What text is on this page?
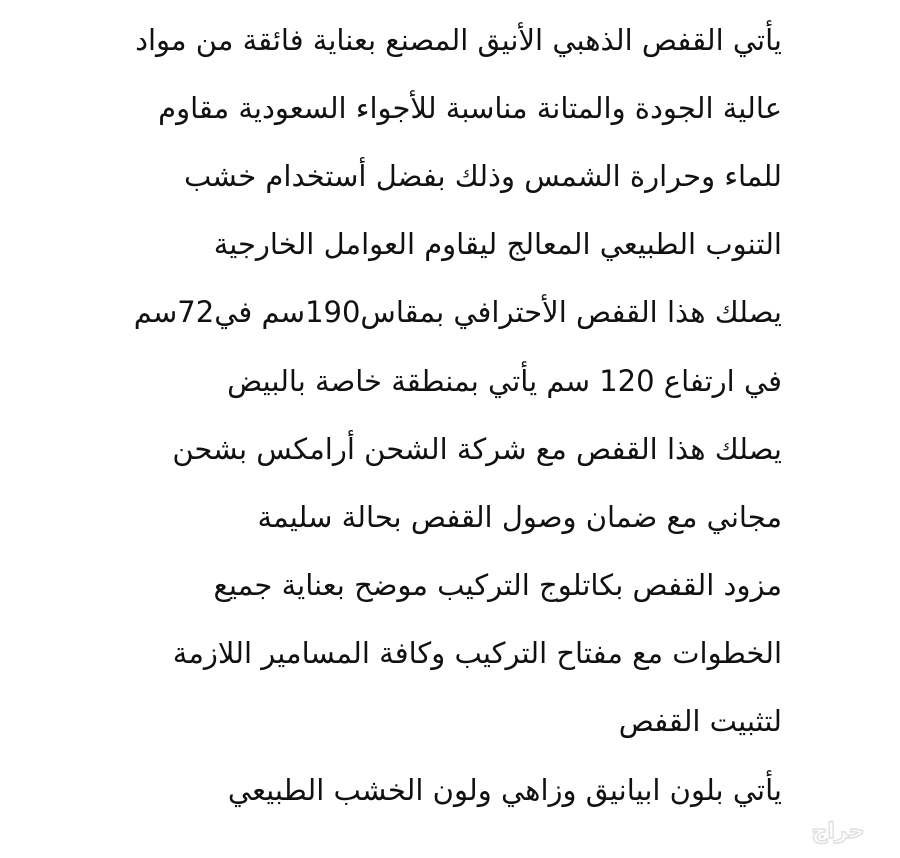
يأتي القفص الذهبي الأنيق المصنع بعناية فائقة من مواد
عالية الجودة والمتانة مناسبة للأجواء السعودية مقاوم
للماء وحرارة الشمس وذلك بفضل أستخدام خشب
التنوب الطبيعي المعالج ليقاوم العوامل الخارجية
يصلك هذا القفص الأحترافي بمقاس190سم في72سم
في ارتفاع 120 سم يأتي بمنطقة خاصة بالبيض
يصلك هذا القفص مع شركة الشحن أرامكس بشحن
مجاني مع ضمان وصول القفص بحالة سليمة
مزود القفص بكاتلوج التركيب موضح بعناية جميع
الخطوات مع مفتاح التركيب وكافة المسامير اللازمة
لتثبيت القفص
يأتي بلون ابيانيق وزاهي ولون الخشب الطبيعي
حراج
